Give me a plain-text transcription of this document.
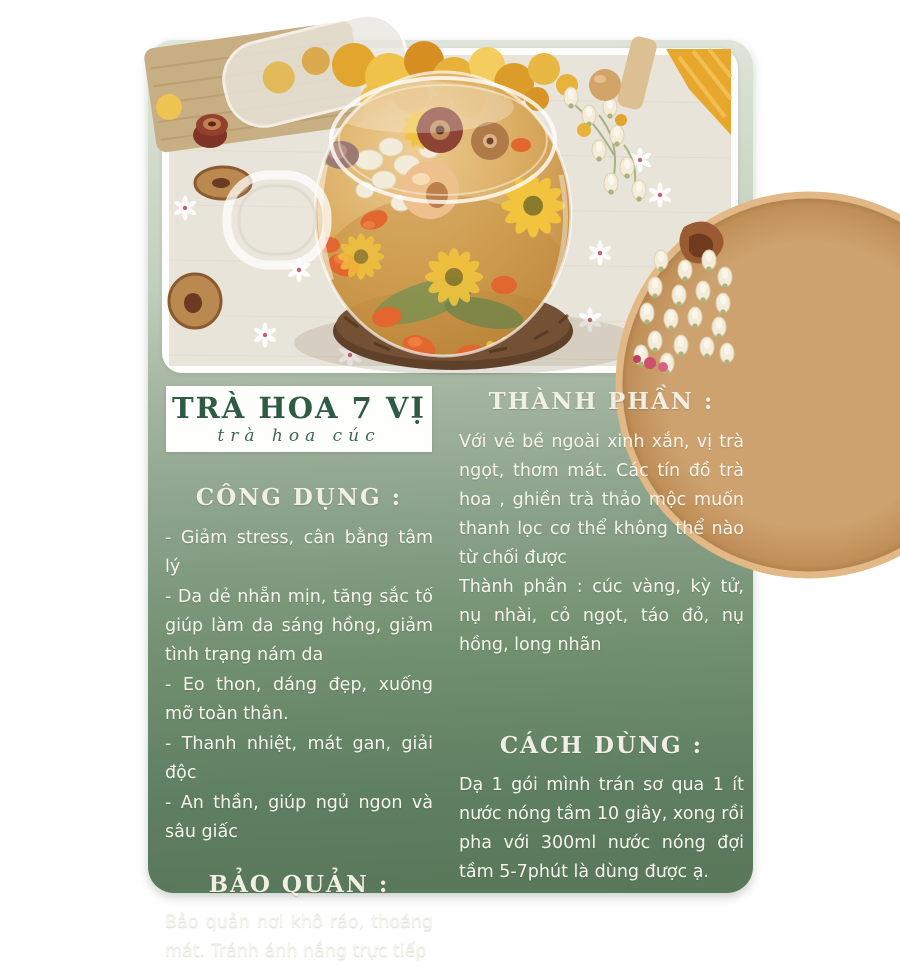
TRÀ HOA 7 VỊ
trà hoa cúc
CÔNG DỤNG :

- Giảm stress, cân bằng tâm lý

- Da dẻ nhẵn mịn, tăng sắc tố giúp làm da sáng hồng, giảm tình trạng nám da

- Eo thon, dáng đẹp, xuống mỡ toàn thân.

- Thanh nhiệt, mát gan, giải độc

- An thần, giúp ngủ ngon và sâu giấc

BẢO QUẢN :

Bảo quản nơi khô ráo, thoáng mát. Tránh ánh nắng trực tiếp

THÀNH PHẦN :

Với vẻ bề ngoài xinh xắn, vị trà ngọt, thơm mát. Các tín đồ trà hoa , ghiền trà thảo mộc muốn thanh lọc cơ thể không thể nào từ chối được

Thành phần : cúc vàng, kỳ tử, nụ nhài, cỏ ngọt, táo đỏ, nụ hồng, long nhãn

CÁCH DÙNG :

Dạ 1 gói mình trán sơ qua 1 ít nước nóng tầm 10 giây, xong rồi pha với 300ml nước nóng đợi tầm 5-7phút là dùng được ạ.
